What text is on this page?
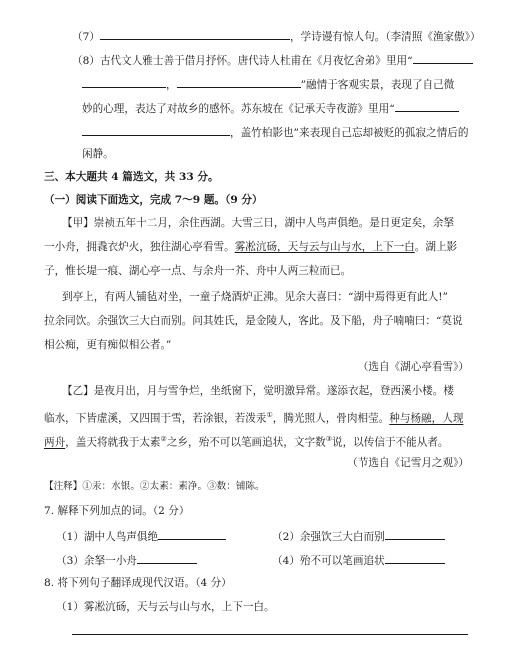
（7）	，学诗谩有惊人句。（李清照《渔家傲》）
（8）古代文人雅士善于借月抒怀。唐代诗人杜甫在《月夜忆舍弟》里用“
，	”融情于客观实景，表现了自己微
妙的心理，表达了对故乡的感怀。苏东坡在《记承天寺夜游》里用“
，盖竹柏影也”来表现自己忘却被贬的孤寂之情后的
闲静。
三、本大题共 4 篇选文，共 33 分。
（一）阅读下面选文，完成 7～9 题。（9 分）
【甲】崇祯五年十二月，余住西湖。大雪三日，湖中人鸟声俱绝。是日更定矣，余拏
一小舟，拥毳衣炉火，独往湖心亭看雪。雾凇沆砀，天与云与山与水，上下一白。湖上影
子，惟长堤一痕、湖心亭一点、与余舟一芥、舟中人两三粒而已。
到亭上，有两人铺毡对坐，一童子烧酒炉正沸。见余大喜曰：“湖中焉得更有此人!”
拉余同饮。余强饮三大白而别。问其姓氏，是金陵人，客此。及下船，舟子喃喃曰：“莫说
相公痴，更有痴似相公者。”
（选自《湖心亭看雪》）
【乙】是夜月出，月与雪争烂，坐纸窗下，觉明激异常。遂添衣起，登西溪小楼。楼
临水，下皆虚溪，又四围于雪，若涂银，若泼汞①，腾光照人，骨肉相莹。种与杨融，人现
两舟，盖天将就我于太素②之乡，殆不可以笔画追状，文字数③说，以传信于不能从者。
（节选自《记雪月之观》）
【注释】①汞：水银。②太素：素净。③数：铺陈。
7. 解释下列加点的词。（2 分）
（1）湖中人鸟声俱绝	（2）余强饮三大白而别
（3）余拏一小舟	（4）殆不可以笔画追状
8. 将下列句子翻译成现代汉语。（4 分）
（1）雾凇沆砀，天与云与山与水，上下一白。
